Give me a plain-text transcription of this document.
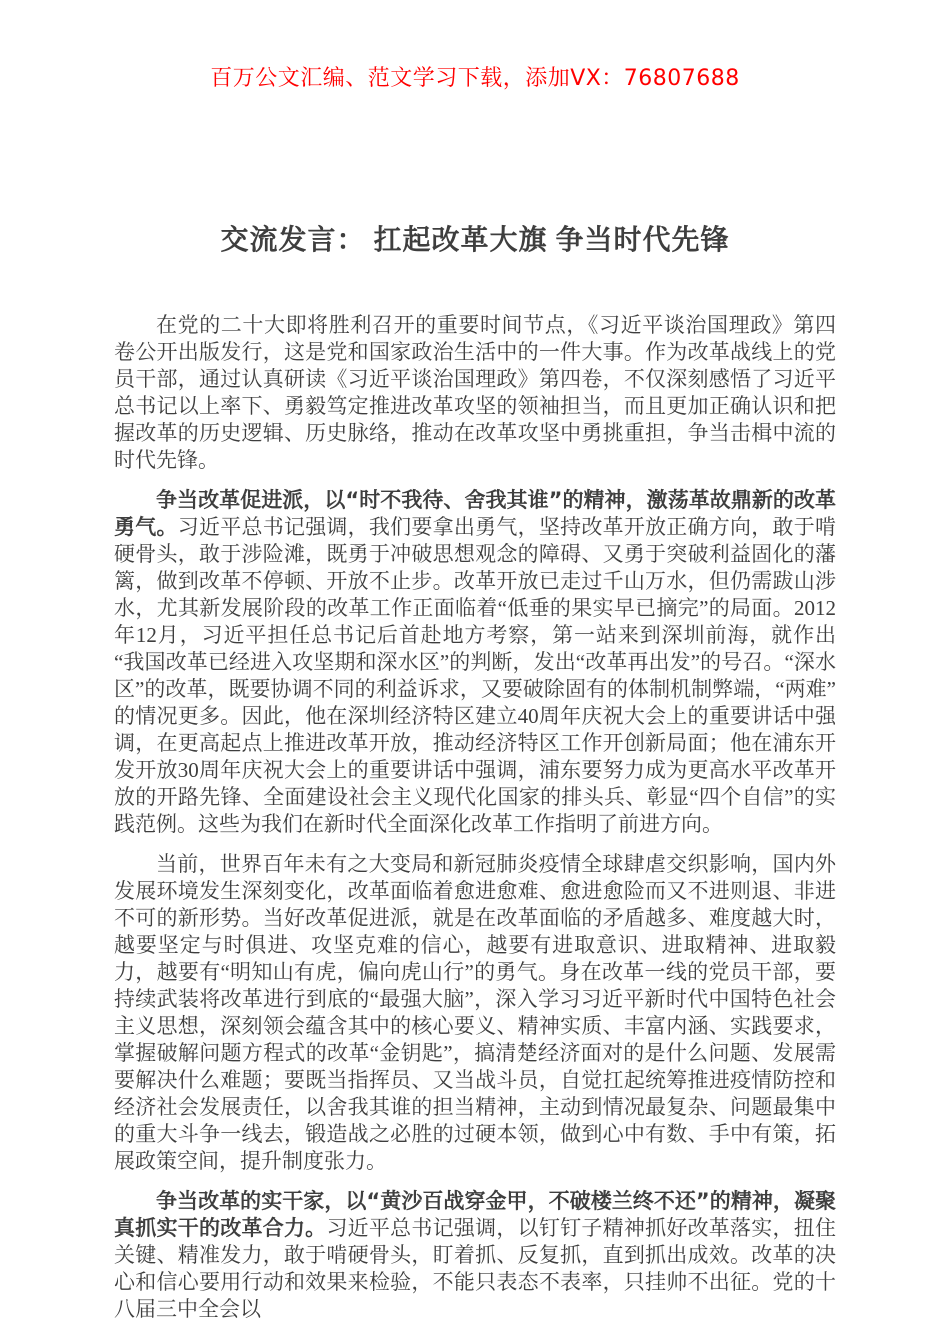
百万公文汇编、范文学习下载，添加VX：76807688
交流发言： 扛起改革大旗 争当时代先锋

在党的二十大即将胜利召开的重要时间节点，《习近平谈治国理政》第四卷公开出版发行，这是党和国家政治生活中的一件大事。作为改革战线上的党员干部，通过认真研读《习近平谈治国理政》第四卷，不仅深刻感悟了习近平总书记以上率下、勇毅笃定推进改革攻坚的领袖担当，而且更加正确认识和把握改革的历史逻辑、历史脉络，推动在改革攻坚中勇挑重担，争当击楫中流的时代先锋。

争当改革促进派，以“时不我待、舍我其谁”的精神，激荡革故鼎新的改革勇气。习近平总书记强调，我们要拿出勇气，坚持改革开放正确方向，敢于啃硬骨头，敢于涉险滩，既勇于冲破思想观念的障碍、又勇于突破利益固化的藩篱，做到改革不停顿、开放不止步。改革开放已走过千山万水，但仍需跋山涉水，尤其新发展阶段的改革工作正面临着“低垂的果实早已摘完”的局面。2012年12月，习近平担任总书记后首赴地方考察，第一站来到深圳前海，就作出“我国改革已经进入攻坚期和深水区”的判断，发出“改革再出发”的号召。“深水区”的改革，既要协调不同的利益诉求，又要破除固有的体制机制弊端，“两难”的情况更多。因此，他在深圳经济特区建立40周年庆祝大会上的重要讲话中强调，在更高起点上推进改革开放，推动经济特区工作开创新局面；他在浦东开发开放30周年庆祝大会上的重要讲话中强调，浦东要努力成为更高水平改革开放的开路先锋、全面建设社会主义现代化国家的排头兵、彰显“四个自信”的实践范例。这些为我们在新时代全面深化改革工作指明了前进方向。

当前，世界百年未有之大变局和新冠肺炎疫情全球肆虐交织影响，国内外发展环境发生深刻变化，改革面临着愈进愈难、愈进愈险而又不进则退、非进不可的新形势。当好改革促进派，就是在改革面临的矛盾越多、难度越大时，越要坚定与时俱进、攻坚克难的信心，越要有进取意识、进取精神、进取毅力，越要有“明知山有虎，偏向虎山行”的勇气。身在改革一线的党员干部，要持续武装将改革进行到底的“最强大脑”，深入学习习近平新时代中国特色社会主义思想，深刻领会蕴含其中的核心要义、精神实质、丰富内涵、实践要求，掌握破解问题方程式的改革“金钥匙”，搞清楚经济面对的是什么问题、发展需要解决什么难题；要既当指挥员、又当战斗员，自觉扛起统筹推进疫情防控和经济社会发展责任，以舍我其谁的担当精神，主动到情况最复杂、问题最集中的重大斗争一线去，锻造战之必胜的过硬本领，做到心中有数、手中有策，拓展政策空间，提升制度张力。

争当改革的实干家，以“黄沙百战穿金甲，不破楼兰终不还”的精神，凝聚真抓实干的改革合力。习近平总书记强调，以钉钉子精神抓好改革落实，扭住关键、精准发力，敢于啃硬骨头，盯着抓、反复抓，直到抓出成效。改革的决心和信心要用行动和效果来检验，不能只表态不表率，只挂帅不出征。党的十八届三中全会以
